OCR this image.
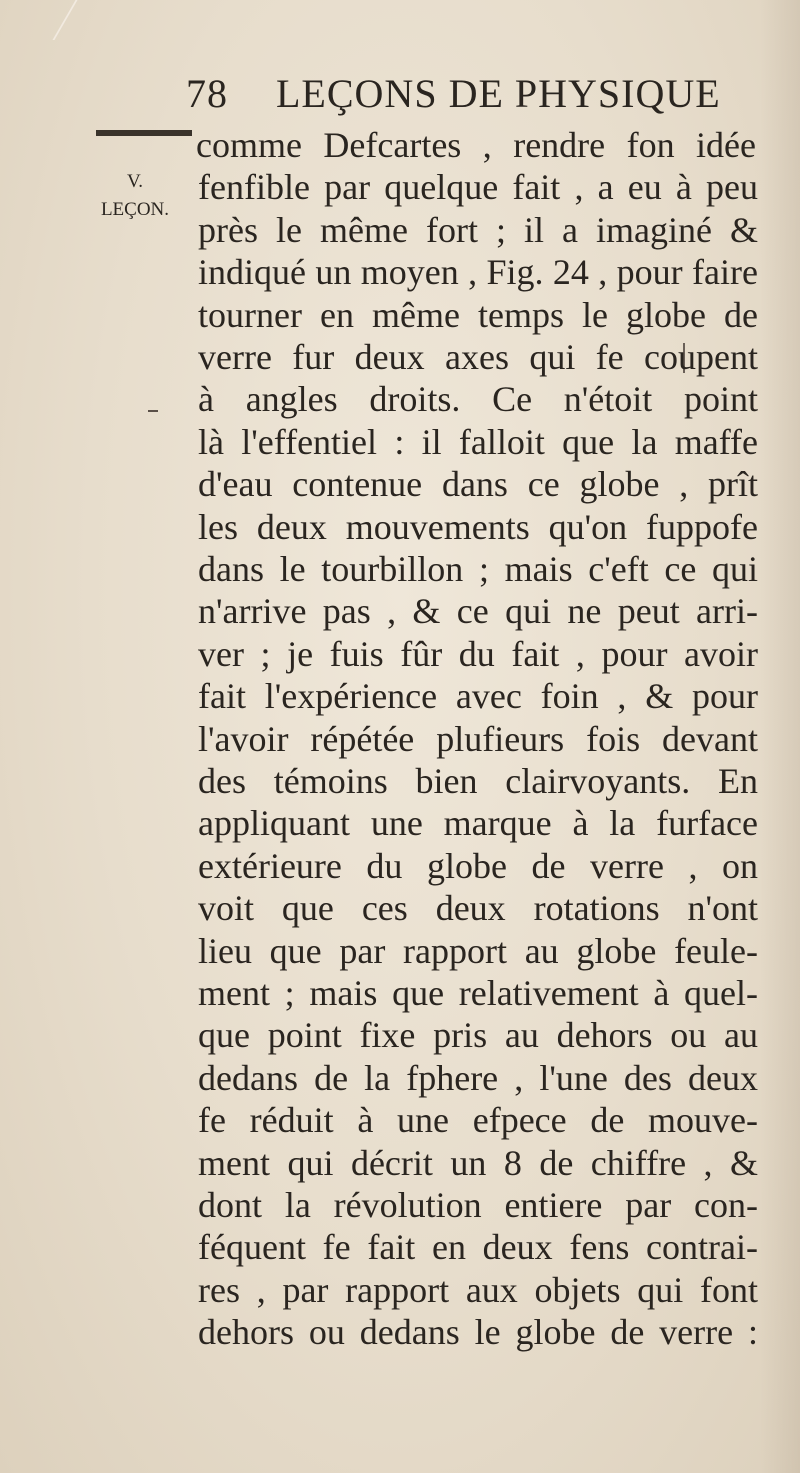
78 LEÇONS DE PHYSIQUE
V.
LEÇON.
comme Defcartes , rendre fon idée
fenfible par quelque fait , a eu à peu
près le même fort ; il a imaginé &
indiqué un moyen , Fig. 24 , pour faire
tourner en même temps le globe de
verre fur deux axes qui fe coupent
à angles droits. Ce n'étoit point
là l'effentiel : il falloit que la maffe
d'eau contenue dans ce globe , prît
les deux mouvements qu'on fuppofe
dans le tourbillon ; mais c'eft ce qui
n'arrive pas , & ce qui ne peut arri-
ver ; je fuis fûr du fait , pour avoir
fait l'expérience avec foin , & pour
l'avoir répétée plufieurs fois devant
des témoins bien clairvoyants. En
appliquant une marque à la furface
extérieure du globe de verre , on
voit que ces deux rotations n'ont
lieu que par rapport au globe feule-
ment ; mais que relativement à quel-
que point fixe pris au dehors ou au
dedans de la fphere , l'une des deux
fe réduit à une efpece de mouve-
ment qui décrit un 8 de chiffre , &
dont la révolution entiere par con-
féquent fe fait en deux fens contrai-
res , par rapport aux objets qui font
dehors ou dedans le globe de verre :
